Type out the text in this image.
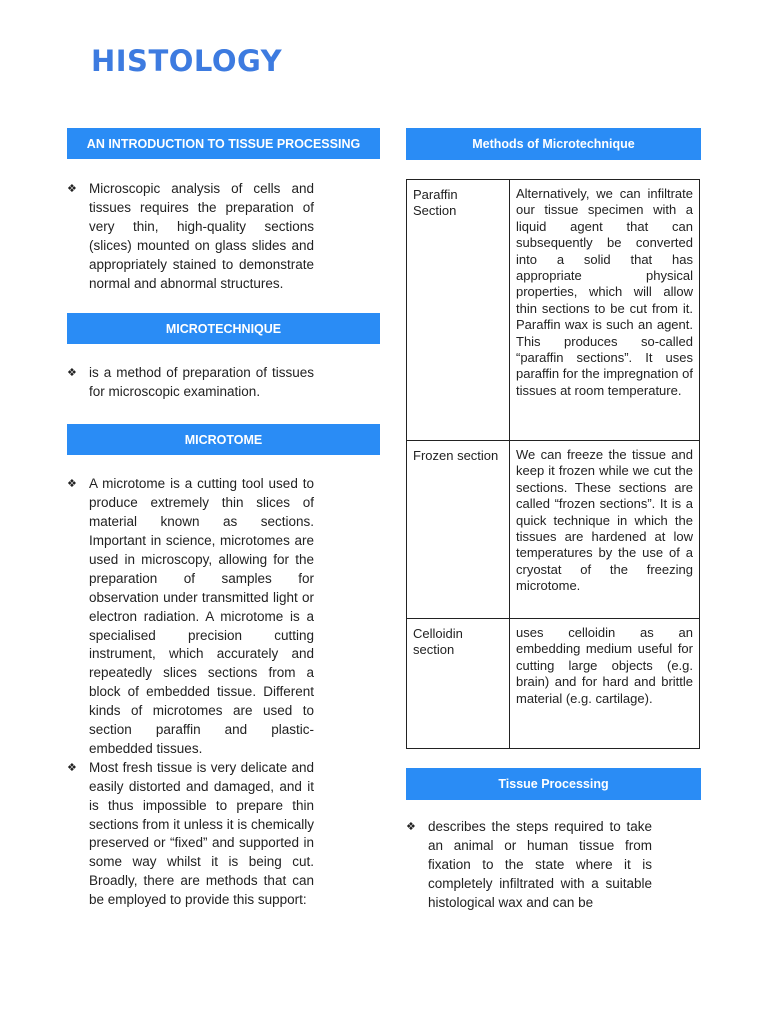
HISTOLOGY
AN INTRODUCTION TO TISSUE PROCESSING
❖ Microscopic analysis of cells and tissues requires the preparation of very thin, high-quality sections (slices) mounted on glass slides and appropriately stained to demonstrate normal and abnormal structures.
MICROTECHNIQUE
❖ is a method of preparation of tissues for microscopic examination.
MICROTOME
❖ A microtome is a cutting tool used to produce extremely thin slices of material known as sections. Important in science, microtomes are used in microscopy, allowing for the preparation of samples for observation under transmitted light or electron radiation. A microtome is a specialised precision cutting instrument, which accurately and repeatedly slices sections from a block of embedded tissue. Different kinds of microtomes are used to section paraffin and plastic-embedded tissues.
❖ Most fresh tissue is very delicate and easily distorted and damaged, and it is thus impossible to prepare thin sections from it unless it is chemically preserved or “fixed” and supported in some way whilst it is being cut. Broadly, there are methods that can be employed to provide this support:
Methods of Microtechnique
Paraffin Section	Alternatively, we can infiltrate our tissue specimen with a liquid agent that can subsequently be converted into a solid that has appropriate physical properties, which will allow thin sections to be cut from it. Paraffin wax is such an agent. This produces so-called “paraffin sections”. It uses paraffin for the impregnation of tissues at room temperature.
Frozen section	We can freeze the tissue and keep it frozen while we cut the sections. These sections are called “frozen sections”. It is a quick technique in which the tissues are hardened at low temperatures by the use of a cryostat of the freezing microtome.
Celloidin section	uses celloidin as an embedding medium useful for cutting large objects (e.g. brain) and for hard and brittle material (e.g. cartilage).
Tissue Processing
❖ describes the steps required to take an animal or human tissue from fixation to the state where it is completely infiltrated with a suitable histological wax and can be
